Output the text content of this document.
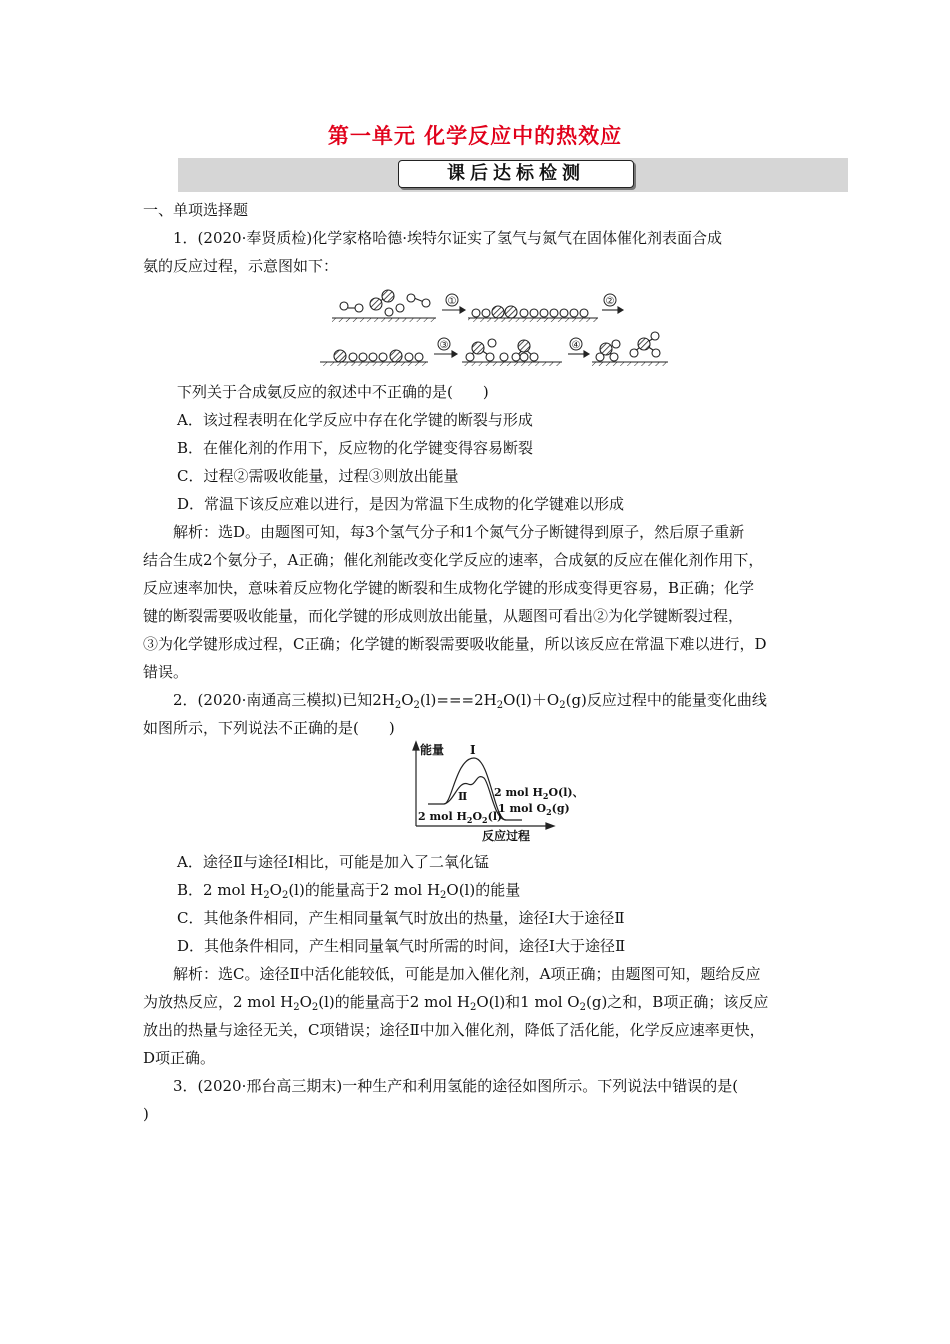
第一单元 化学反应中的热效应
课后达标检测

一、单项选择题

1．(2020·奉贤质检)化学家格哈德·埃特尔证实了氢气与氮气在固体催化剂表面合成

氨的反应过程，示意图如下：

①	②
③	④

下列关于合成氨反应的叙述中不正确的是(　　)

A．该过程表明在化学反应中存在化学键的断裂与形成

B．在催化剂的作用下，反应物的化学键变得容易断裂

C．过程②需吸收能量，过程③则放出能量

D．常温下该反应难以进行，是因为常温下生成物的化学键难以形成

解析：选D。由题图可知，每3个氢气分子和1个氮气分子断键得到原子，然后原子重新

结合生成2个氨分子，A正确；催化剂能改变化学反应的速率，合成氨的反应在催化剂作用下，

反应速率加快，意味着反应物化学键的断裂和生成物化学键的形成变得更容易，B正确；化学

键的断裂需要吸收能量，而化学键的形成则放出能量，从题图可看出②为化学键断裂过程，

③为化学键形成过程，C正确；化学键的断裂需要吸收能量，所以该反应在常温下难以进行，D

错误。

2．(2020·南通高三模拟)已知$2H_2O_2(l)===2H_2O(l)+O_2(g)$反应过程中的能量变化曲线

如图所示，下列说法不正确的是(　　)

能量 Ⅰ
Ⅱ 2 mol $H_2O(l)$、
1 mol $O_2(g)$
2 mol $H_2O_2(l)$
反应过程

A．途径Ⅱ与途径Ⅰ相比，可能是加入了二氧化锰

B．2 mol $H_2O_2(l)$的能量高于2 mol $H_2O(l)$的能量

C．其他条件相同，产生相同量氧气时放出的热量，途径Ⅰ大于途径Ⅱ

D．其他条件相同，产生相同量氧气时所需的时间，途径Ⅰ大于途径Ⅱ

解析：选C。途径Ⅱ中活化能较低，可能是加入催化剂，A项正确；由题图可知，题给反应

为放热反应，2 mol $H_2O_2(l)$的能量高于2 mol $H_2O(l)$和1 mol $O_2(g)$之和，B项正确；该反应

放出的热量与途径无关，C项错误；途径Ⅱ中加入催化剂，降低了活化能，化学反应速率更快，

D项正确。

3．(2020·邢台高三期末)一种生产和利用氢能的途径如图所示。下列说法中错误的是(

)
